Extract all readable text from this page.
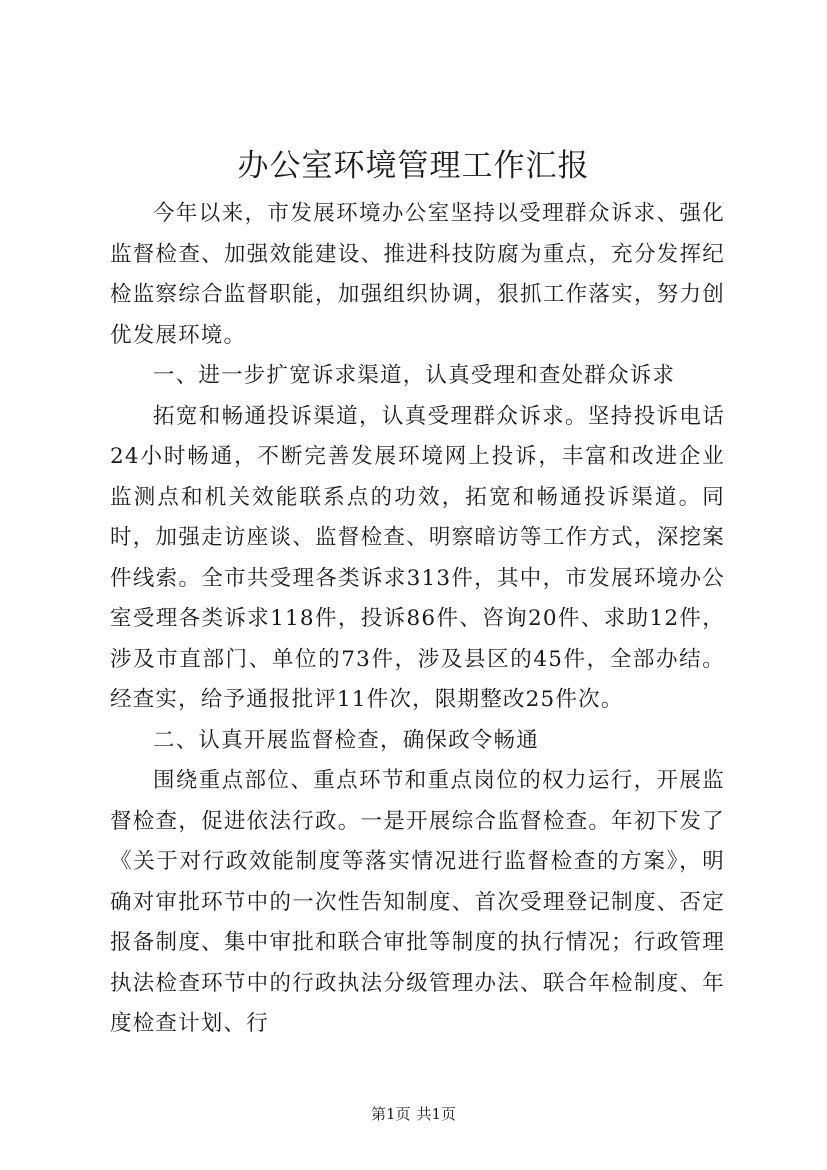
办公室环境管理工作汇报

今年以来，市发展环境办公室坚持以受理群众诉求、强化监督检查、加强效能建设、推进科技防腐为重点，充分发挥纪检监察综合监督职能，加强组织协调，狠抓工作落实，努力创优发展环境。

一、进一步扩宽诉求渠道，认真受理和查处群众诉求

拓宽和畅通投诉渠道，认真受理群众诉求。坚持投诉电话24小时畅通，不断完善发展环境网上投诉，丰富和改进企业监测点和机关效能联系点的功效，拓宽和畅通投诉渠道。同时，加强走访座谈、监督检查、明察暗访等工作方式，深挖案件线索。全市共受理各类诉求313件，其中，市发展环境办公室受理各类诉求118件，投诉86件、咨询20件、求助12件，涉及市直部门、单位的73件，涉及县区的45件，全部办结。经查实，给予通报批评11件次，限期整改25件次。

二、认真开展监督检查，确保政令畅通

围绕重点部位、重点环节和重点岗位的权力运行，开展监督检查，促进依法行政。一是开展综合监督检查。年初下发了《关于对行政效能制度等落实情况进行监督检查的方案》，明确对审批环节中的一次性告知制度、首次受理登记制度、否定报备制度、集中审批和联合审批等制度的执行情况；行政管理执法检查环节中的行政执法分级管理办法、联合年检制度、年度检查计划、行

第1页 共1页
